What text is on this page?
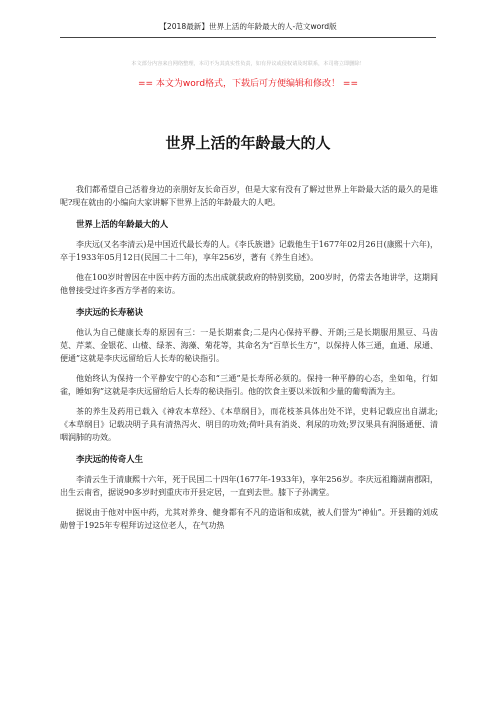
【2018最新】世界上活的年龄最大的人-范文word版
本文部分内容来自网络整理，本司不为其真实性负责，如有异议或侵权请及时联系，本司将立即删除！
== 本文为word格式，下载后可方便编辑和修改！ ==
世界上活的年龄最大的人

我们都希望自己活着身边的亲朋好友长命百岁，但是大家有没有了解过世界上年龄最大活的最久的是谁呢?现在就由的小编向大家讲解下世界上活的年龄最大的人吧。

世界上活的年龄最大的人

李庆远(又名李清云)是中国近代最长寿的人。《李氏族谱》记载他生于1677年02月26日(康熙十六年)，卒于1933年05月12日(民国二十二年)，享年256岁，著有《养生自述》。

他在100岁时曾因在中医中药方面的杰出成就获政府的特别奖励，200岁时，仍常去各地讲学，这期间他曾接受过许多西方学者的来访。

李庆远的长寿秘诀

他认为自己健康长寿的原因有三：一是长期素食;二是内心保持平静、开朗;三是长期服用黑豆、马齿苋、芹菜、金银花、山楂、绿茶、海藻、菊花等，其命名为“百草长生方”，以保持人体三通，血通、尿通、便通”这就是李庆远留给后人长寿的秘诀指引。

他始终认为保持一个平静安宁的心态和“三通”是长寿所必须的。保持一种平静的心态，坐如龟，行如雀，睡如狗”这就是李庆远留给后人长寿的秘诀指引。他的饮食主要以米饭和少量的葡萄酒为主。

茶的养生及药用已载入《神农本草经》、《本草纲目》，而花枝茶具体出处不详，史料记载应出自湖北;《本草纲目》记载决明子具有清热泻火、明目的功效;荷叶具有消炎、利尿的功效;罗汉果具有润肠通便、清咽润肺的功效。

李庆远的传奇人生

李清云生于清康熙十六年，死于民国二十四年(1677年-1933年)，享年256岁。李庆远祖籍湖南郡阳，出生云南省，据说90多岁时到重庆市开县定居，一直到去世。膝下子孙满堂。

据说由于他对中医中药，尤其对养身、健身都有不凡的造诣和成就，被人们誉为“神仙”。开县籍的刘成勋曾于1925年专程拜访过这位老人，在气功热
